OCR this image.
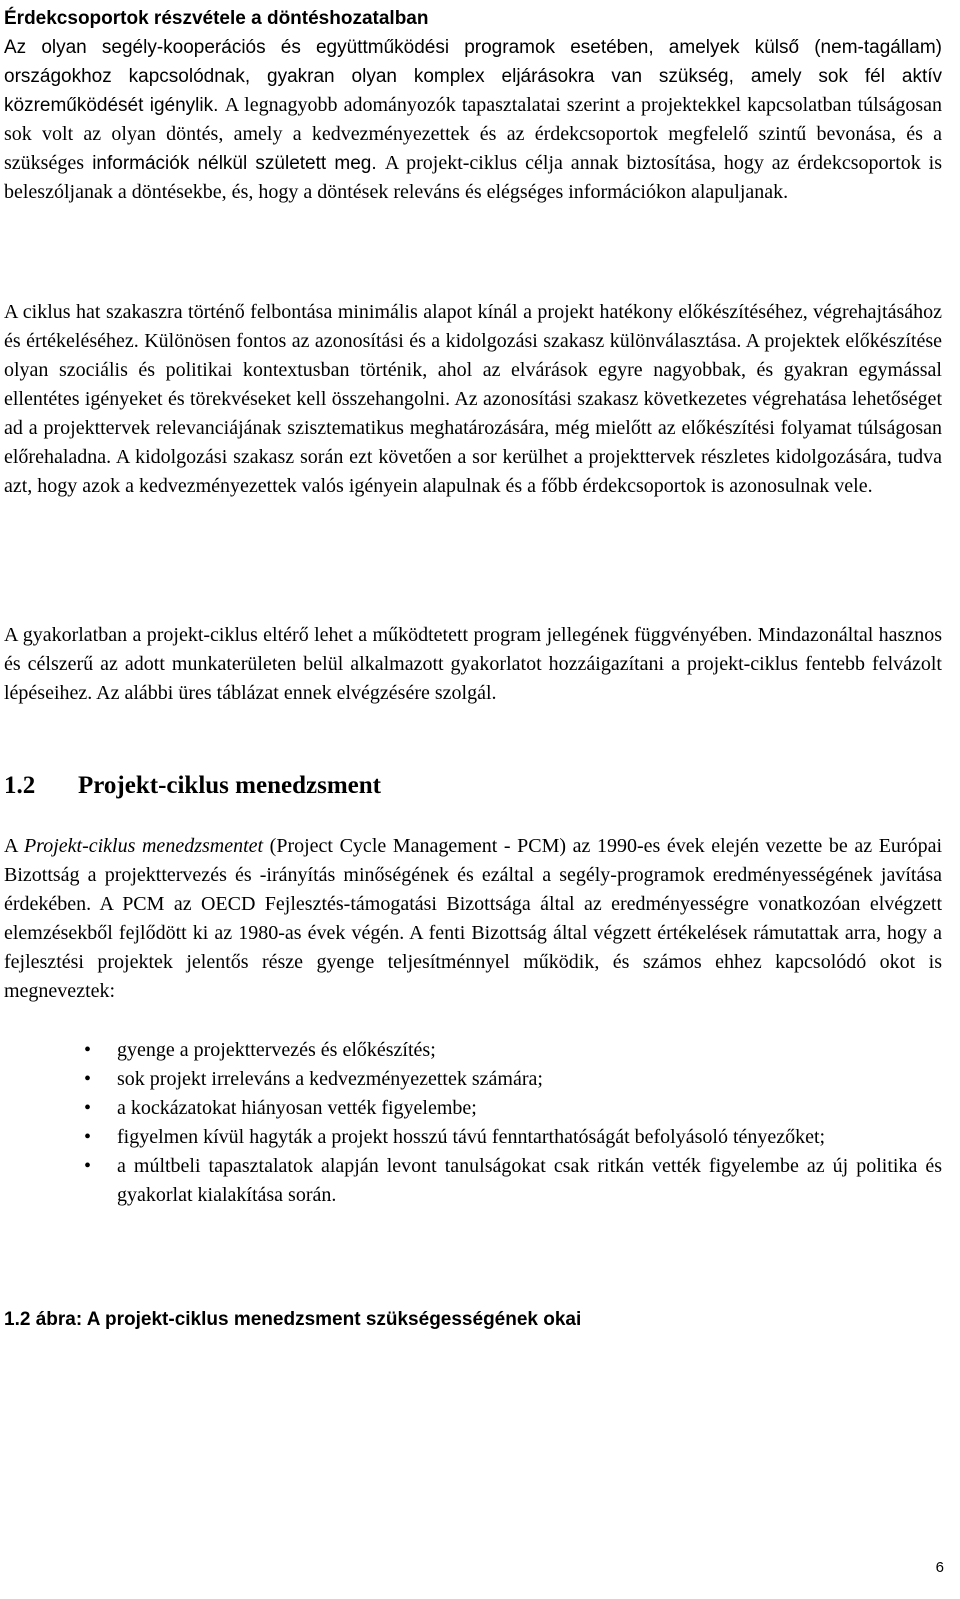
Érdekcsoportok részvétele a döntéshozatalban
Az olyan segély-kooperációs és együttműködési programok esetében, amelyek külső (nem-tagállam) országokhoz kapcsolódnak, gyakran olyan komplex eljárásokra van szükség, amely sok fél aktív közreműködését igénylik. A legnagyobb adományozók tapasztalatai szerint a projektekkel kapcsolatban túlságosan sok volt az olyan döntés, amely a kedvezményezettek és az érdekcsoportok megfelelő szintű bevonása, és a szükséges információk nélkül született meg. A projekt-ciklus célja annak biztosítása, hogy az érdekcsoportok is beleszóljanak a döntésekbe, és, hogy a döntések releváns és elégséges információkon alapuljanak.

A ciklus hat szakaszra történő felbontása minimális alapot kínál a projekt hatékony előkészítéséhez, végrehajtásához és értékeléséhez. Különösen fontos az azonosítási és a kidolgozási szakasz különválasztása. A projektek előkészítése olyan szociális és politikai kontextusban történik, ahol az elvárások egyre nagyobbak, és gyakran egymással ellentétes igényeket és törekvéseket kell összehangolni. Az azonosítási szakasz következetes végrehatása lehetőséget ad a projekttervek relevanciájának szisztematikus meghatározására, még mielőtt az előkészítési folyamat túlságosan előrehaladna. A kidolgozási szakasz során ezt követően a sor kerülhet a projekttervek részletes kidolgozására, tudva azt, hogy azok a kedvezményezettek valós igényein alapulnak és a főbb érdekcsoportok is azonosulnak vele.

A gyakorlatban a projekt-ciklus eltérő lehet a működtetett program jellegének függvényében. Mindazonáltal hasznos és célszerű az adott munkaterületen belül alkalmazott gyakorlatot hozzáigazítani a projekt-ciklus fentebb felvázolt lépéseihez. Az alábbi üres táblázat ennek elvégzésére szolgál.

1.2 Projekt-ciklus menedzsment

A Projekt-ciklus menedzsmentet (Project Cycle Management - PCM) az 1990-es évek elején vezette be az Európai Bizottság a projekttervezés és -irányítás minőségének és ezáltal a segély-programok eredményességének javítása érdekében. A PCM az OECD Fejlesztés-támogatási Bizottsága által az eredményességre vonatkozóan elvégzett elemzésekből fejlődött ki az 1980-as évek végén. A fenti Bizottság által végzett értékelések rámutattak arra, hogy a fejlesztési projektek jelentős része gyenge teljesítménnyel működik, és számos ehhez kapcsolódó okot is megneveztek:

• gyenge a projekttervezés és előkészítés;
• sok projekt irreleváns a kedvezményezettek számára;
• a kockázatokat hiányosan vették figyelembe;
• figyelmen kívül hagyták a projekt hosszú távú fenntarthatóságát befolyásoló tényezőket;
• a múltbeli tapasztalatok alapján levont tanulságokat csak ritkán vették figyelembe az új politika és gyakorlat kialakítása során.

1.2 ábra: A projekt-ciklus menedzsment szükségességének okai

6
